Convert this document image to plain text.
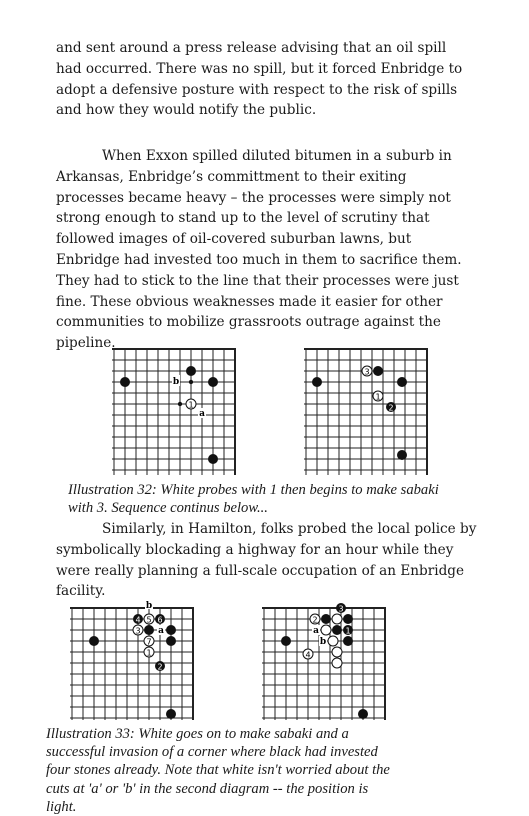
and sent around a press release advising that an oil spill had occurred. There was no spill, but it forced Enbridge to adopt a defensive posture with respect to the risk of spills and how they would notify the public.

When Exxon spilled diluted bitumen in a suburb in Arkansas, Enbridge’s committment to their exiting processes became heavy – the processes were simply not strong enough to stand up to the level of scrutiny that followed images of oil-covered suburban lawns, but Enbridge had invested too much in them to sacrifice them. They had to stick to the line that their processes were just fine. These obvious weaknesses made it easier for other communities to mobilize grassroots outrage against the pipeline.

1
b
a
3
1
2

Illustration 32: White probes with 1 then begins to make sabaki with 3. Sequence continus below...

Similarly, in Hamilton, folks probed the local police by symbolically blockading a highway for an hour while they were really planning a full-scale occupation of an Enbridge facility.

b
4 5 6
3 a
7
1
2
3
2
a	1
b
4

Illustration 33: White goes on to make sabaki and a successful invasion of a corner where black had invested four stones already. Note that white isn't worried about the cuts at 'a' or 'b' in the second diagram -- the position is light.
